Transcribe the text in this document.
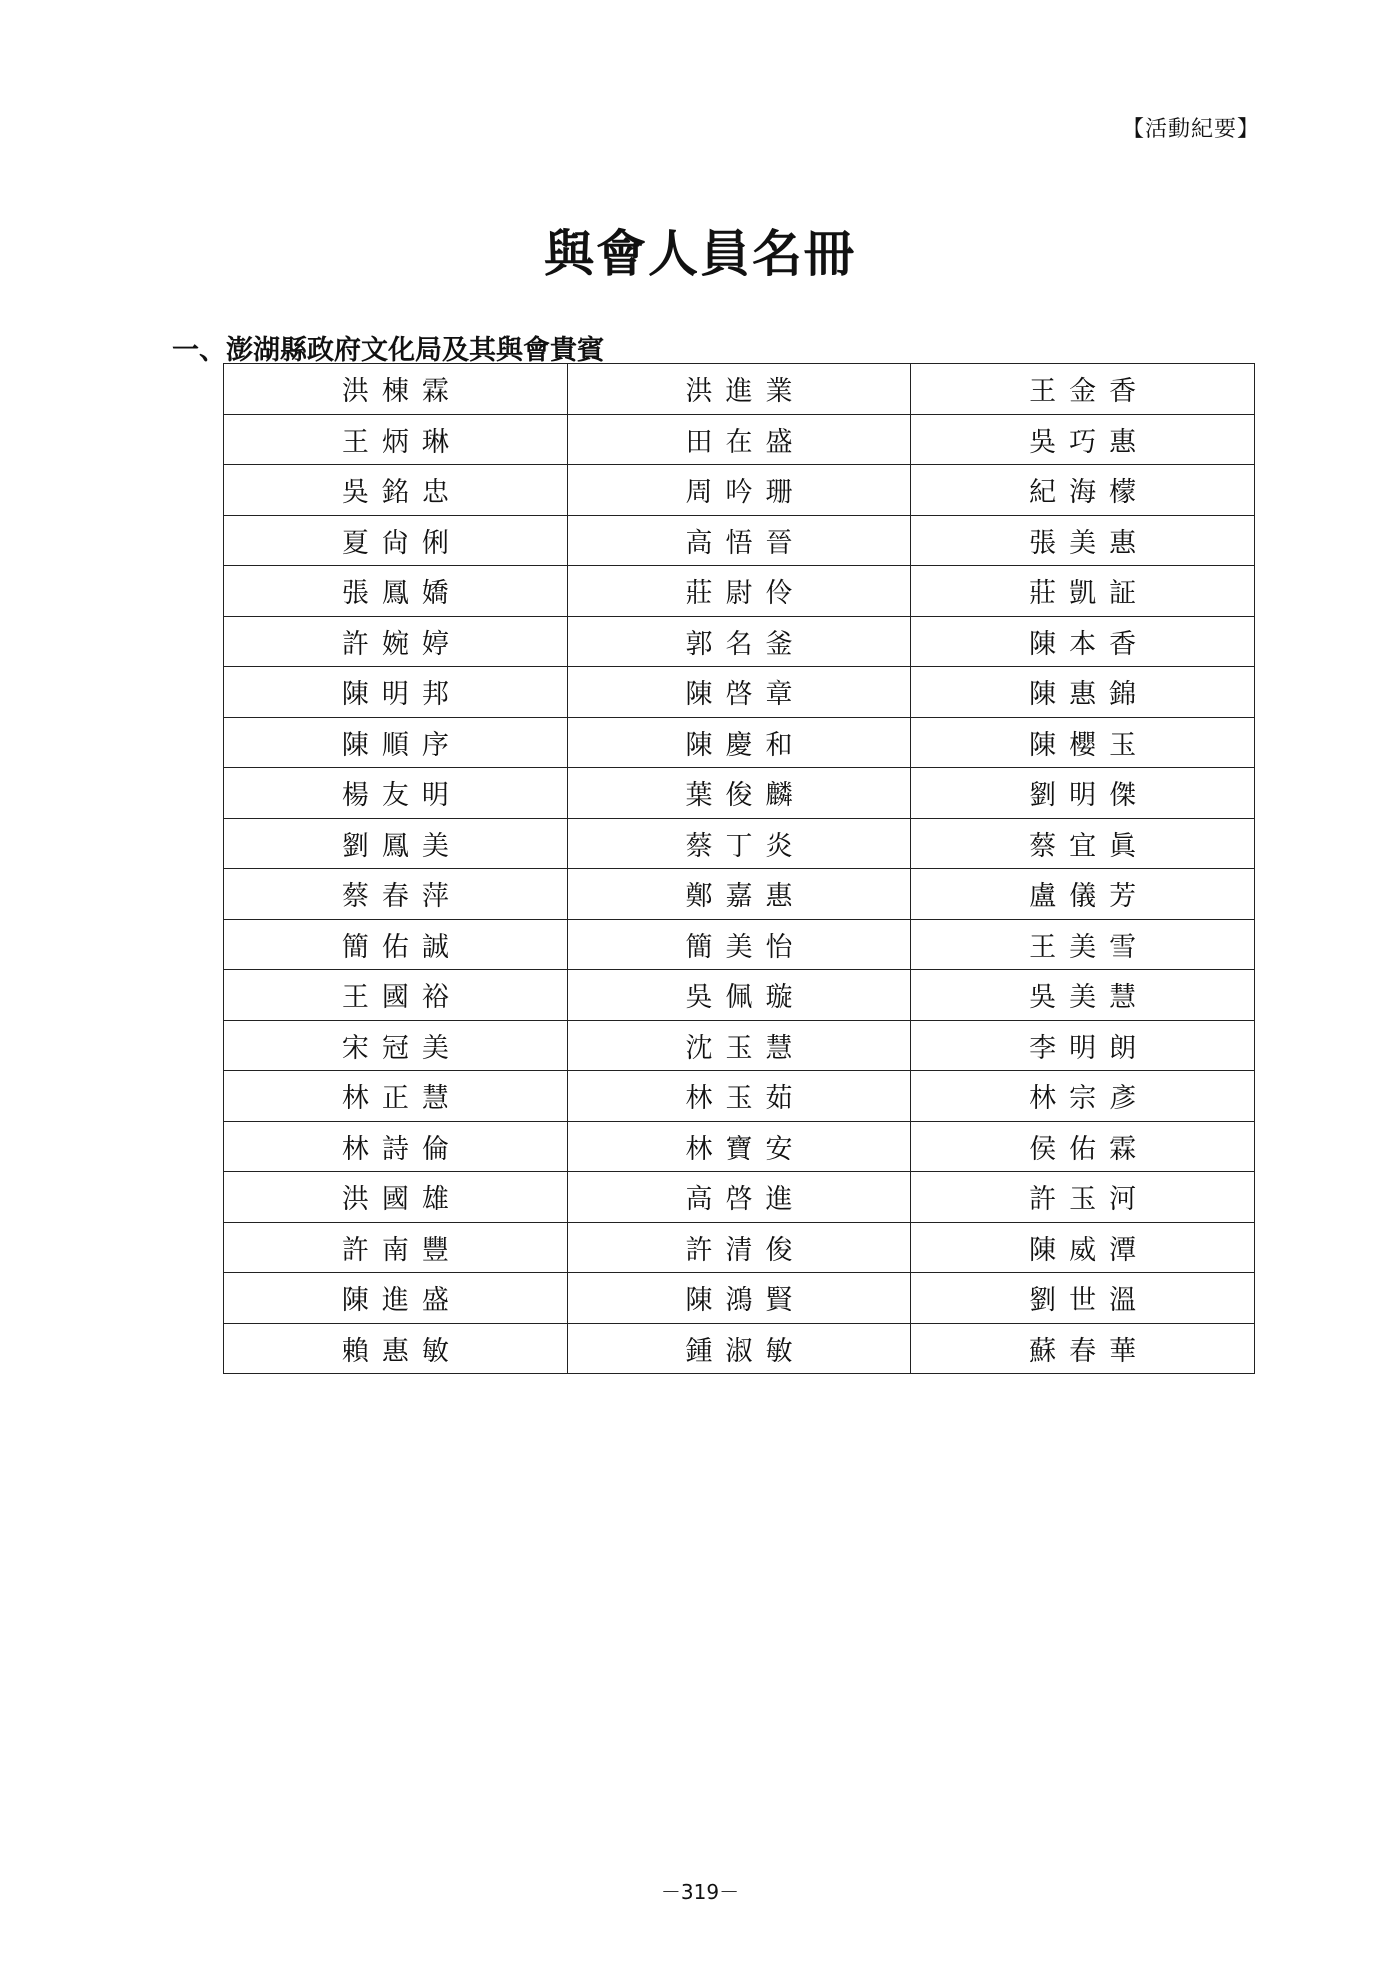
【活動紀要】
與會人員名冊
一、澎湖縣政府文化局及其與會貴賓
洪棟霖	洪進業	王金香
王炳琳	田在盛	吳巧惠
吳銘忠	周吟珊	紀海檬
夏尙俐	高悟晉	張美惠
張鳳嬌	莊尉伶	莊凱証
許婉婷	郭名釜	陳本香
陳明邦	陳啓章	陳惠錦
陳順序	陳慶和	陳櫻玉
楊友明	葉俊麟	劉明傑
劉鳳美	蔡丁炎	蔡宜眞
蔡春萍	鄭嘉惠	盧儀芳
簡佑誠	簡美怡	王美雪
王國裕	吳佩璇	吳美慧
宋冠美	沈玉慧	李明朗
林正慧	林玉茹	林宗彥
林詩倫	林寶安	侯佑霖
洪國雄	高啓進	許玉河
許南豐	許清俊	陳威潭
陳進盛	陳鴻賢	劉世溫
賴惠敏	鍾淑敏	蘇春華
－319－
